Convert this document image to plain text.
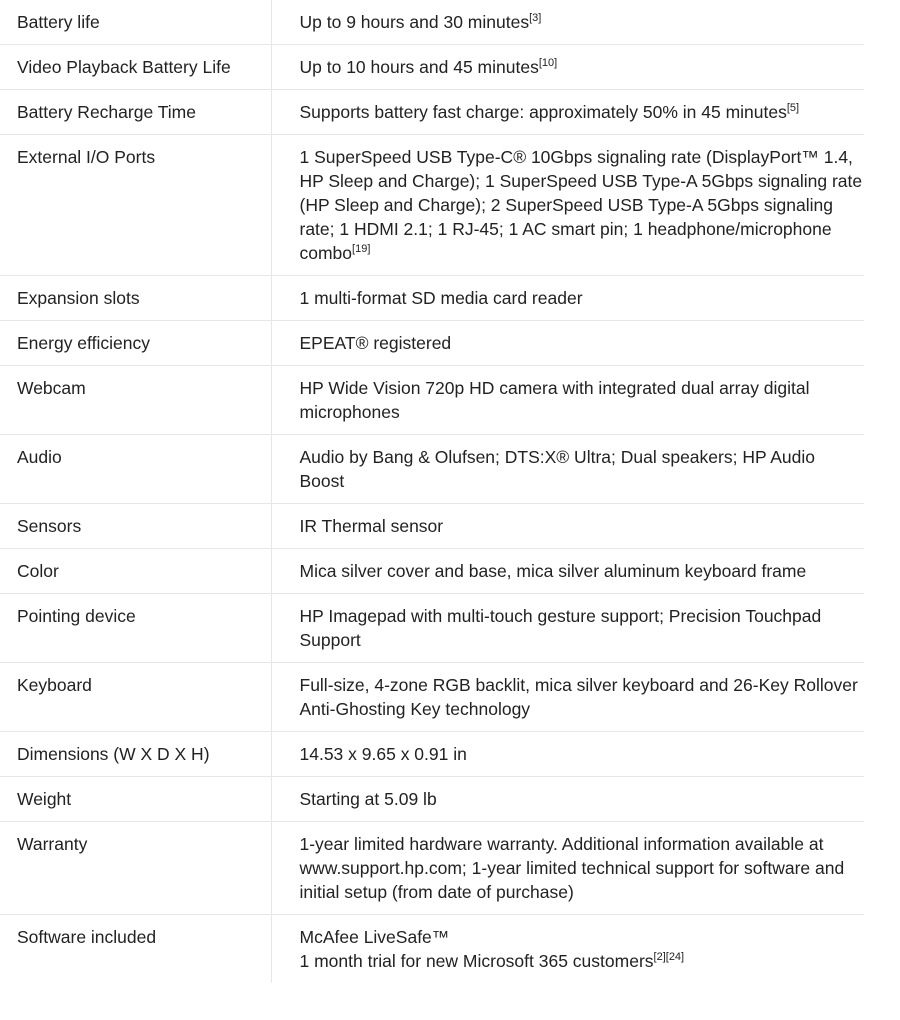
Battery life	Up to 9 hours and 30 minutes[3]
Video Playback Battery Life	Up to 10 hours and 45 minutes[10]
Battery Recharge Time	Supports battery fast charge: approximately 50% in 45 minutes[5]
External I/O Ports	1 SuperSpeed USB Type-C® 10Gbps signaling rate (DisplayPort™ 1.4, HP Sleep and Charge); 1 SuperSpeed USB Type-A 5Gbps signaling rate (HP Sleep and Charge); 2 SuperSpeed USB Type-A 5Gbps signaling rate; 1 HDMI 2.1; 1 RJ-45; 1 AC smart pin; 1 headphone/microphone combo[19]
Expansion slots	1 multi-format SD media card reader
Energy efficiency	EPEAT® registered
Webcam	HP Wide Vision 720p HD camera with integrated dual array digital microphones
Audio	Audio by Bang & Olufsen; DTS:X® Ultra; Dual speakers; HP Audio Boost
Sensors	IR Thermal sensor
Color	Mica silver cover and base, mica silver aluminum keyboard frame
Pointing device	HP Imagepad with multi-touch gesture support; Precision Touchpad Support
Keyboard	Full-size, 4-zone RGB backlit, mica silver keyboard and 26-Key Rollover Anti-Ghosting Key technology
Dimensions (W X D X H)	14.53 x 9.65 x 0.91 in
Weight	Starting at 5.09 lb
Warranty	1-year limited hardware warranty. Additional information available at www.support.hp.com; 1-year limited technical support for software and initial setup (from date of purchase)
Software included	McAfee LiveSafe™
1 month trial for new Microsoft 365 customers[2][24]
